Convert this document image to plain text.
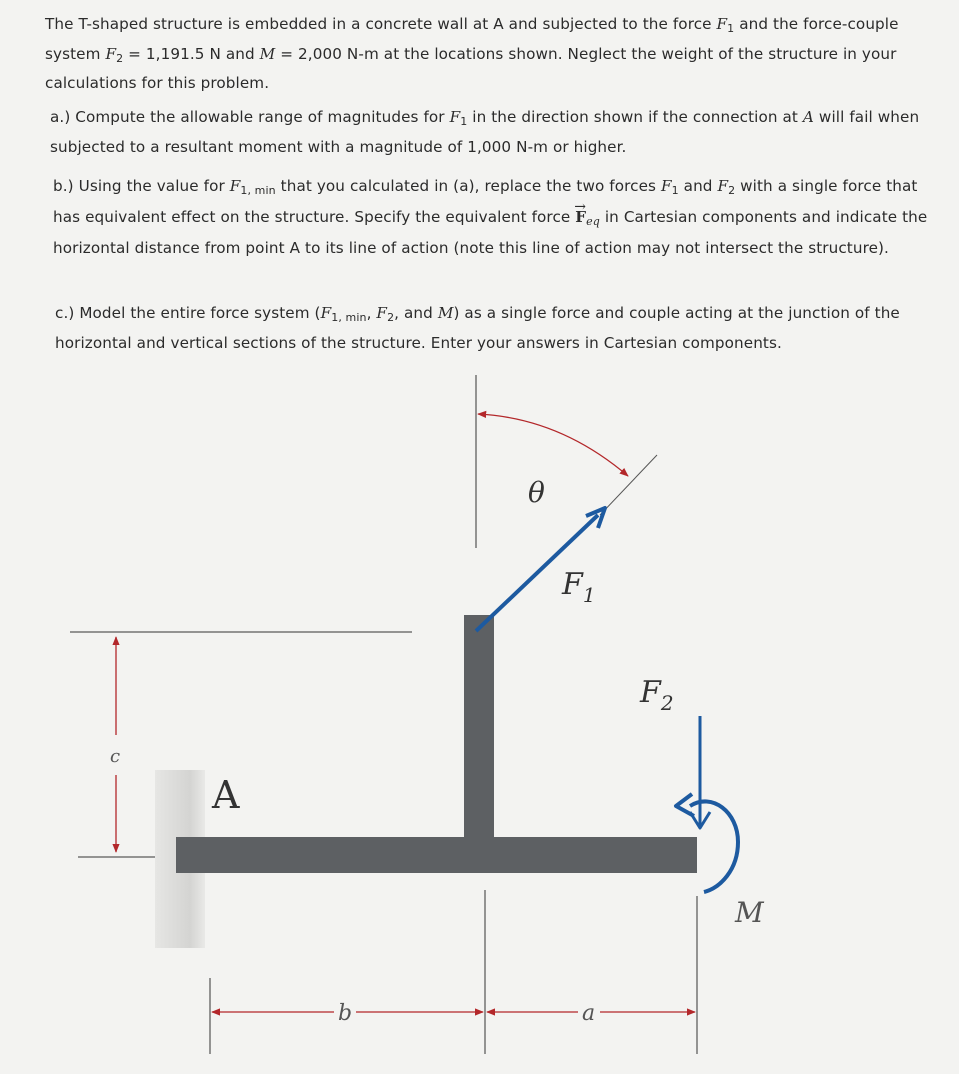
The T-shaped structure is embedded in a concrete wall at A and subjected to the force $F_1$ and the force-couple system $F_2 = 1,191.5$ N and M = 2,000 N-m at the locations shown. Neglect the weight of the structure in your calculations for this problem.
a.) Compute the allowable range of magnitudes for $F_1$ in the direction shown if the connection at A will fail when subjected to a resultant moment with a magnitude of 1,000 N-m or higher.
b.) Using the value for $F_{1, min}$ that you calculated in (a), replace the two forces $F_1$ and $F_2$ with a single force that has equivalent effect on the structure. Specify the equivalent force → $F_{eq}$ in Cartesian components and indicate the horizontal distance from point A to its line of action (note this line of action may not intersect the structure).
c.) Model the entire force system ($F_{1, min}$, $F_2$, and M) as a single force and couple acting at the junction of the horizontal and vertical sections of the structure. Enter your answers in Cartesian components.
θ
$F_1$
$F_2$
M
A
c
b	a
